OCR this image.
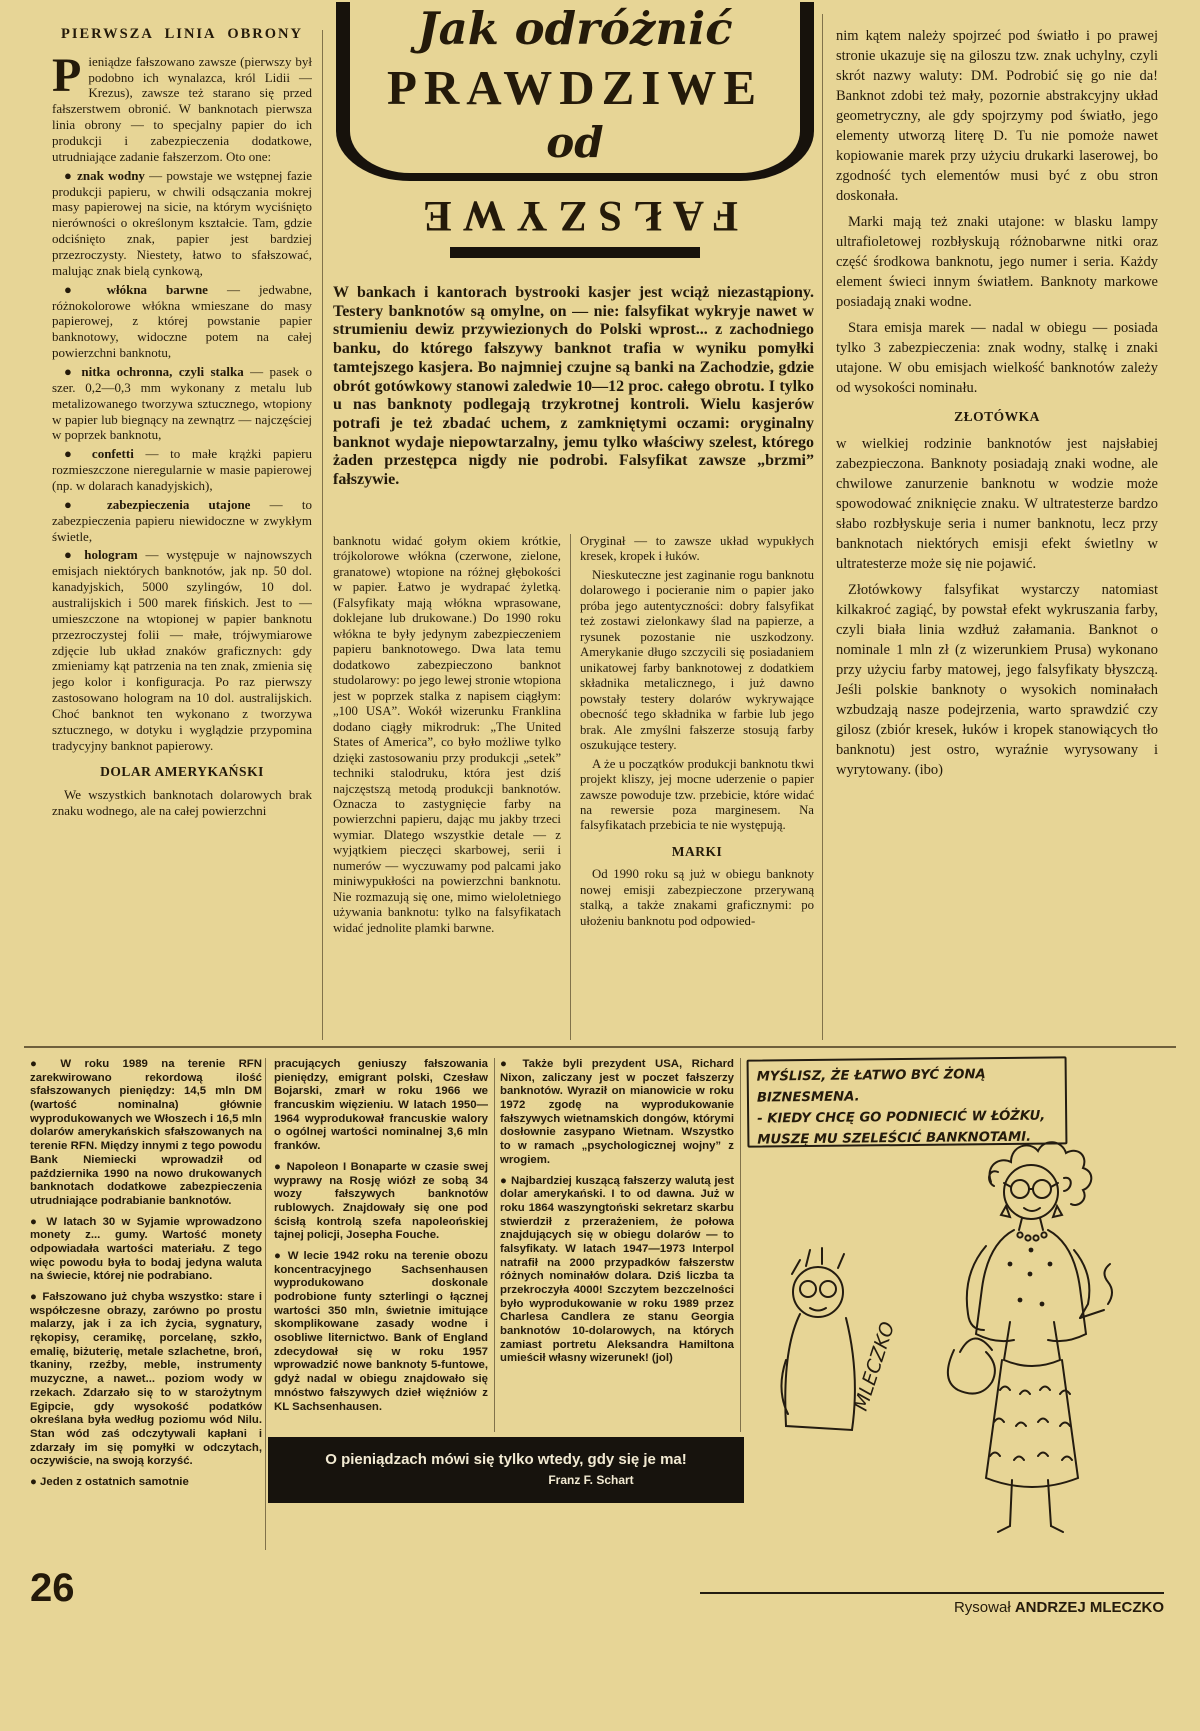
PIERWSZA LINIA OBRONY

Pieniądze fałszowano zawsze (pierwszy był podobno ich wynalazca, król Lidii — Krezus), zawsze też starano się przed fałszerstwem obronić. W banknotach pierwsza linia obrony — to specjalny papier do ich produkcji i zabezpieczenia dodatkowe, utrudniające zadanie fałszerzom. Oto one:

● znak wodny — powstaje we wstępnej fazie produkcji papieru, w chwili odsączania mokrej masy papierowej na sicie, na którym wyciśnięto nierówności o określonym kształcie. Tam, gdzie odciśnięto znak, papier jest bardziej przezroczysty. Niestety, łatwo to sfałszować, malując znak bielą cynkową,

● włókna barwne — jedwabne, różnokolorowe włókna wmieszane do masy papierowej, z której powstanie papier banknotowy, widoczne potem na całej powierzchni banknotu,

● nitka ochronna, czyli stalka — pasek o szer. 0,2—0,3 mm wykonany z metalu lub metalizowanego tworzywa sztucznego, wtopiony w papier lub biegnący na zewnątrz — najczęściej w poprzek banknotu,

● confetti — to małe krążki papieru rozmieszczone nieregularnie w masie papierowej (np. w dolarach kanadyjskich),

● zabezpieczenia utajone — to zabezpieczenia papieru niewidoczne w zwykłym świetle,

● hologram — występuje w najnowszych emisjach niektórych banknotów, jak np. 50 dol. kanadyjskich, 5000 szylingów, 10 dol. australijskich i 500 marek fińskich. Jest to — umieszczone na wtopionej w papier banknotu przezroczystej folii — małe, trójwymiarowe zdjęcie lub układ znaków graficznych: gdy zmieniamy kąt patrzenia na ten znak, zmienia się jego kolor i konfiguracja. Po raz pierwszy zastosowano hologram na 10 dol. australijskich. Choć banknot ten wykonano z tworzywa sztucznego, w dotyku i wyglądzie przypomina tradycyjny banknot papierowy.

DOLAR AMERYKAŃSKI

We wszystkich banknotach dolarowych brak znaku wodnego, ale na całej powierzchni

Jak odróżnić
PRAWDZIWE
od
FAŁSZYWE
W bankach i kantorach bystrooki kasjer jest wciąż niezastąpiony. Testery banknotów są omylne, on — nie: falsyfikat wykryje nawet w strumieniu dewiz przywiezionych do Polski wprost... z zachodniego banku, do którego fałszywy banknot trafia w wyniku pomyłki tamtejszego kasjera. Bo najmniej czujne są banki na Zachodzie, gdzie obrót gotówkowy stanowi zaledwie 10—12 proc. całego obrotu. I tylko u nas banknoty podlegają trzykrotnej kontroli. Wielu kasjerów potrafi je też zbadać uchem, z zamkniętymi oczami: oryginalny banknot wydaje niepowtarzalny, jemu tylko właściwy szelest, którego żaden przestępca nigdy nie podrobi. Falsyfikat zawsze „brzmi” fałszywie.

banknotu widać gołym okiem krótkie, trójkolorowe włókna (czerwone, zielone, granatowe) wtopione na różnej głębokości w papier. Łatwo je wydrapać żyletką. (Falsyfikaty mają włókna wprasowane, doklejane lub drukowane.) Do 1990 roku włókna te były jedynym zabezpieczeniem papieru banknotowego. Dwa lata temu dodatkowo zabezpieczono banknot studolarowy: po jego lewej stronie wtopiona jest w poprzek stalka z napisem ciągłym: „100 USA”. Wokół wizerunku Franklina dodano ciągły mikrodruk: „The United States of America”, co było możliwe tylko dzięki zastosowaniu przy produkcji „setek” techniki stalodruku, która jest dziś najczęstszą metodą produkcji banknotów. Oznacza to zastygnięcie farby na powierzchni papieru, dając mu jakby trzeci wymiar. Dlatego wszystkie detale — z wyjątkiem pieczęci skarbowej, serii i numerów — wyczuwamy pod palcami jako miniwypukłości na powierzchni banknotu. Nie rozmazują się one, mimo wieloletniego używania banknotu: tylko na falsyfikatach widać jednolite plamki barwne.

Oryginał — to zawsze układ wypukłych kresek, kropek i łuków.

Nieskuteczne jest zaginanie rogu banknotu dolarowego i pocieranie nim o papier jako próba jego autentyczności: dobry falsyfikat też zostawi zielonkawy ślad na papierze, a rysunek pozostanie nie uszkodzony. Amerykanie długo szczycili się posiadaniem unikatowej farby banknotowej z dodatkiem składnika metalicznego, i już dawno powstały testery dolarów wykrywające obecność tego składnika w farbie lub jego brak. Ale zmyślni fałszerze stosują farby oszukujące testery.

A że u początków produkcji banknotu tkwi projekt kliszy, jej mocne uderzenie o papier zawsze powoduje tzw. przebicie, które widać na rewersie poza marginesem. Na falsyfikatach przebicia te nie występują.

MARKI

Od 1990 roku są już w obiegu banknoty nowej emisji zabezpieczone przerywaną stalką, a także znakami graficznymi: po ułożeniu banknotu pod odpowied-

nim kątem należy spojrzeć pod światło i po prawej stronie ukazuje się na giloszu tzw. znak uchylny, czyli skrót nazwy waluty: DM. Podrobić się go nie da! Banknot zdobi też mały, pozornie abstrakcyjny układ geometryczny, ale gdy spojrzymy pod światło, jego elementy utworzą literę D. Tu nie pomoże nawet kopiowanie marek przy użyciu drukarki laserowej, bo zgodność tych elementów musi być z obu stron doskonała.

Marki mają też znaki utajone: w blasku lampy ultrafioletowej rozbłyskują różnobarwne nitki oraz część środkowa banknotu, jego numer i seria. Każdy element świeci innym światłem. Banknoty markowe posiadają znaki wodne.

Stara emisja marek — nadal w obiegu — posiada tylko 3 zabezpieczenia: znak wodny, stalkę i znaki utajone. W obu emisjach wielkość banknotów zależy od wysokości nominału.

ZŁOTÓWKA

w wielkiej rodzinie banknotów jest najsłabiej zabezpieczona. Banknoty posiadają znaki wodne, ale chwilowe zanurzenie banknotu w wodzie może spowodować zniknięcie znaku. W ultratesterze bardzo słabo rozbłyskuje seria i numer banknotu, lecz przy banknotach niektórych emisji efekt świetlny w ultratesterze może się nie pojawić.

Złotówkowy falsyfikat wystarczy natomiast kilkakroć zagiąć, by powstał efekt wykruszania farby, czyli biała linia wzdłuż załamania. Banknot o nominale 1 mln zł (z wizerunkiem Prusa) wykonano przy użyciu farby matowej, jego falsyfikaty błyszczą. Jeśli polskie banknoty o wysokich nominałach wzbudzają nasze podejrzenia, warto sprawdzić czy gilosz (zbiór kresek, łuków i kropek stanowiących tło banknotu) jest ostro, wyraźnie wyrysowany i wyrytowany. (ibo)

● W roku 1989 na terenie RFN zarekwirowano rekordową ilość sfałszowanych pieniędzy: 14,5 mln DM (wartość nominalna) głównie wyprodukowanych we Włoszech i 16,5 mln dolarów amerykańskich sfałszowanych na terenie RFN. Między innymi z tego powodu Bank Niemiecki wprowadził od października 1990 na nowo drukowanych banknotach dodatkowe zabezpieczenia utrudniające podrabianie banknotów.

● W latach 30 w Syjamie wprowadzono monety z... gumy. Wartość monety odpowiadała wartości materiału. Z tego więc powodu była to bodaj jedyna waluta na świecie, której nie podrabiano.

● Fałszowano już chyba wszystko: stare i współczesne obrazy, zarówno po prostu malarzy, jak i za ich życia, sygnatury, rękopisy, ceramikę, porcelanę, szkło, emalię, biżuterię, metale szlachetne, broń, tkaniny, rzeźby, meble, instrumenty muzyczne, a nawet... poziom wody w rzekach. Zdarzało się to w starożytnym Egipcie, gdy wysokość podatków określana była według poziomu wód Nilu. Stan wód zaś odczytywali kapłani i zdarzały im się pomyłki w odczytach, oczywiście, na swoją korzyść.

● Jeden z ostatnich samotnie

pracujących geniuszy fałszowania pieniędzy, emigrant polski, Czesław Bojarski, zmarł w roku 1966 we francuskim więzieniu. W latach 1950—1964 wyprodukował francuskie walory o ogólnej wartości nominalnej 3,6 mln franków.

● Napoleon I Bonaparte w czasie swej wyprawy na Rosję wiózł ze sobą 34 wozy fałszywych banknotów rublowych. Znajdowały się one pod ścisłą kontrolą szefa napoleońskiej tajnej policji, Josepha Fouche.

● W lecie 1942 roku na terenie obozu koncentracyjnego Sachsenhausen wyprodukowano doskonale podrobione funty szterlingi o łącznej wartości 350 mln, świetnie imitujące skomplikowane zasady wodne i osobliwe liternictwo. Bank of England zdecydował się w roku 1957 wprowadzić nowe banknoty 5-funtowe, gdyż nadal w obiegu znajdowało się mnóstwo fałszywych dzieł więźniów z KL Sachsenhausen.

● Także byli prezydent USA, Richard Nixon, zaliczany jest w poczet fałszerzy banknotów. Wyraził on mianowicie w roku 1972 zgodę na wyprodukowanie fałszywych wietnamskich dongów, którymi dosłownie zasypano Wietnam. Wszystko to w ramach „psychologicznej wojny” z wrogiem.

● Najbardziej kuszącą fałszerzy walutą jest dolar amerykański. I to od dawna. Już w roku 1864 waszyngtoński sekretarz skarbu stwierdził z przerażeniem, że połowa znajdujących się w obiegu dolarów — to falsyfikaty. W latach 1947—1973 Interpol natrafił na 2000 przypadków fałszerstw różnych nominałów dolara. Dziś liczba ta przekroczyła 4000! Szczytem bezczelności było wyprodukowanie w roku 1989 przez Charlesa Candlera ze stanu Georgia banknotów 10-dolarowych, na których zamiast portretu Aleksandra Hamiltona umieścił własny wizerunek! (jol)

O pieniądzach mówi się tylko wtedy, gdy się je ma!
Franz F. Schart
MLECZKO
MYŚLISZ, ŻE ŁATWO BYĆ ŻONĄ BIZNESMENA.
- KIEDY CHCĘ GO PODNIECIĆ W ŁÓŻKU,
MUSZĘ MU SZELEŚCIĆ BANKNOTAMI.
26	Rysował ANDRZEJ MLECZKO
